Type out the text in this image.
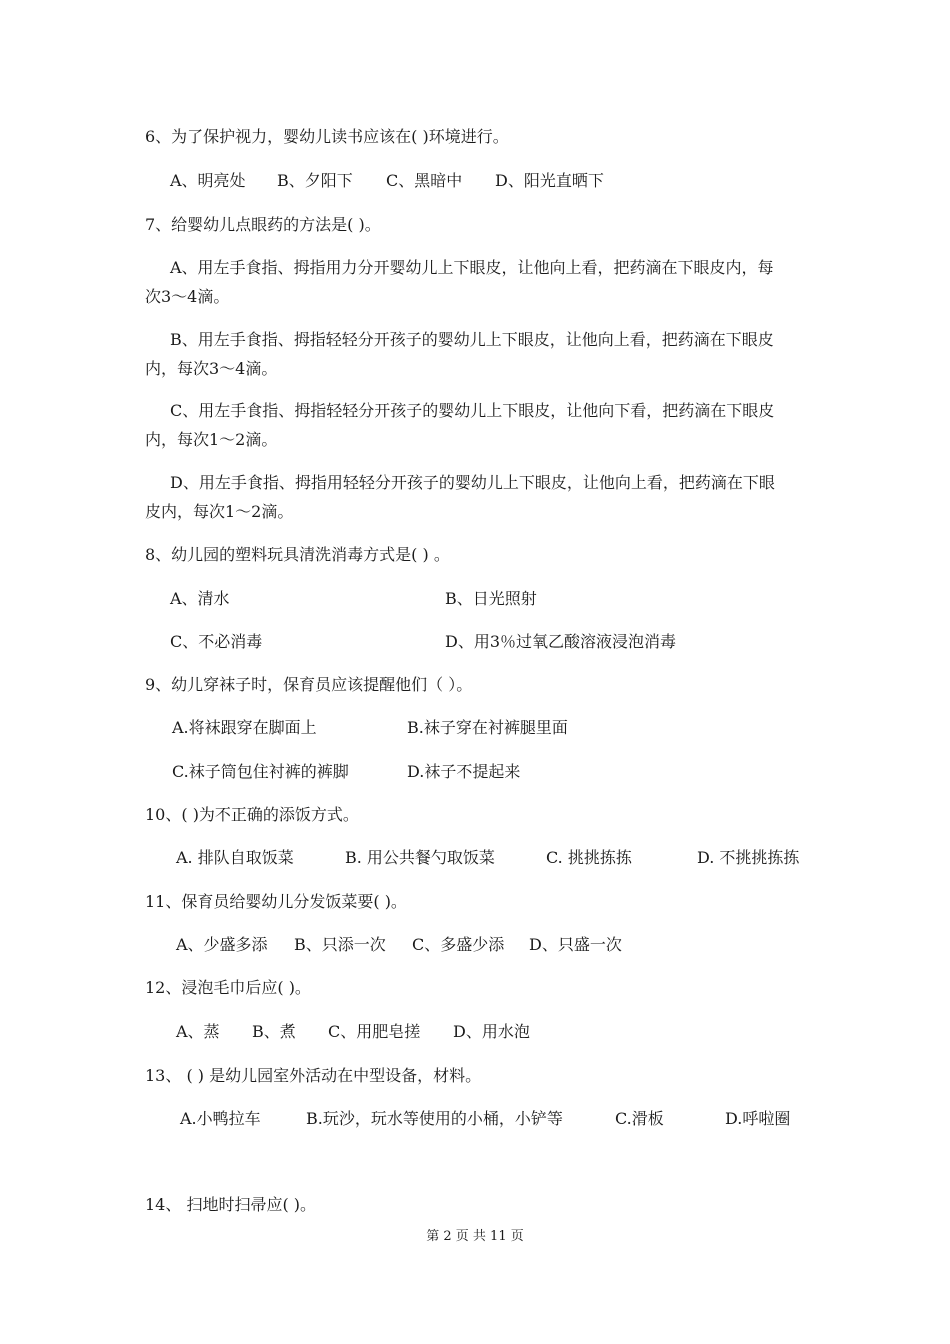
6、为了保护视力，婴幼儿读书应该在( )环境进行。
A、明亮处 B、夕阳下 C、黑暗中 D、阳光直晒下
7、给婴幼儿点眼药的方法是( )。
A、用左手食指、拇指用力分开婴幼儿上下眼皮，让他向上看，把药滴在下眼皮内，每
次3～4滴。
B、用左手食指、拇指轻轻分开孩子的婴幼儿上下眼皮，让他向上看，把药滴在下眼皮
内，每次3～4滴。
C、用左手食指、拇指轻轻分开孩子的婴幼儿上下眼皮，让他向下看，把药滴在下眼皮
内，每次1～2滴。
D、用左手食指、拇指用轻轻分开孩子的婴幼儿上下眼皮，让他向上看，把药滴在下眼
皮内，每次1～2滴。
8、幼儿园的塑料玩具清洗消毒方式是( ) 。
A、清水	B、日光照射
C、不必消毒	D、用3％过氧乙酸溶液浸泡消毒
9、幼儿穿袜子时，保育员应该提醒他们（ ）。
A.将袜跟穿在脚面上	B.袜子穿在衬裤腿里面
C.袜子筒包住衬裤的裤脚	D.袜子不提起来
10、( )为不正确的添饭方式。
A. 排队自取饭菜	B. 用公共餐勺取饭菜	C. 挑挑拣拣	D. 不挑挑拣拣
11、保育员给婴幼儿分发饭菜要( )。
A、少盛多添 B、只添一次 C、多盛少添 D、只盛一次
12、浸泡毛巾后应( )。
A、蒸 B、煮 C、用肥皂搓 D、用水泡
13、 ( ) 是幼儿园室外活动在中型设备，材料。
A.小鸭拉车	B.玩沙，玩水等使用的小桶，小铲等	C.滑板	D.呼啦圈
14、 扫地时扫帚应( )。
第 2 页 共 11 页
